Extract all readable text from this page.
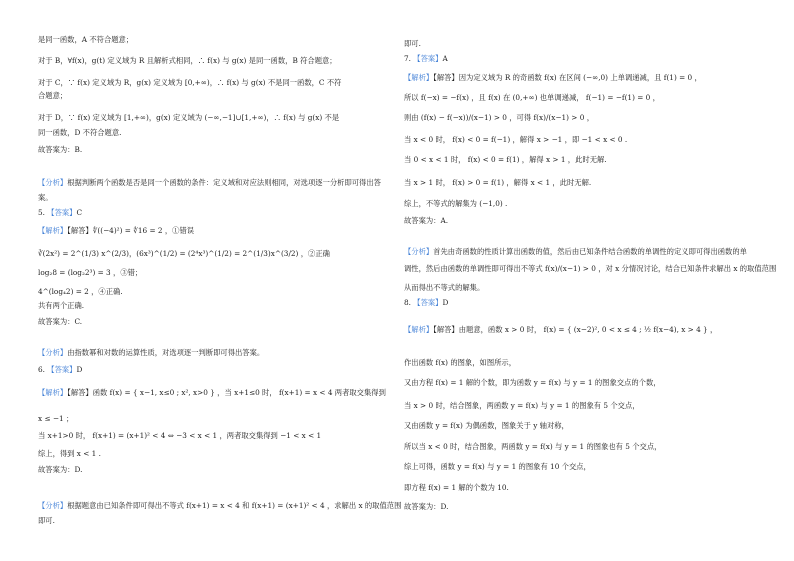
是同一函数，A 不符合题意；
对于 B，∀f(x)，g(t) 定义域为 R 且解析式相同，∴ f(x) 与 g(x) 是同一函数，B 符合题意；
对于 C，∵ f(x) 定义域为 R，g(x) 定义域为 [0,+∞)，∴ f(x) 与 g(x) 不是同一函数，C 不符
合题意；
对于 D，∵ f(x) 定义域为 [1,+∞)，g(x) 定义域为 (−∞,−1]∪[1,+∞)，∴ f(x) 与 g(x) 不是
同一函数，D 不符合题意.
故答案为：B.
【分析】根据判断两个函数是否是同一个函数的条件：定义域和对应法则相同，对选项逐一分析即可得出答
案。
5. 【答案】C
【解析】【解答】∜((−4)²) = ∜16 = 2 ，①错误
∛(2x²) = 2^(1/3) x^(2/3)，(6x³)^(1/2) = (2⁴x³)^(1/2) = 2^(1/3)x^(3/2) ，②正确
log₂8 = (log₂2³) = 3 ，③错；
4^(log₄2) = 2 ，④正确.
共有两个正确.
故答案为：C.
【分析】由指数幂和对数的运算性质，对选项逐一判断即可得出答案。
6. 【答案】D
【解析】【解答】函数 f(x) = { x−1, x≤0 ; x², x>0 } ，当 x+1≤0 时， f(x+1) = x < 4 两者取交集得到
x ≤ −1 ；
当 x+1>0 时， f(x+1) = (x+1)² < 4 ⇔ −3 < x < 1 ，两者取交集得到 −1 < x < 1
综上，得到 x < 1 .
故答案为：D.
【分析】根据题意由已知条件即可得出不等式 f(x+1) = x < 4 和 f(x+1) = (x+1)² < 4 ，求解出 x 的取值范围
即可.
即可.
7. 【答案】A
【解析】【解答】因为定义域为 R 的奇函数 f(x) 在区间 (−∞,0) 上单调递减，且 f(1) = 0 ，
所以 f(−x) = −f(x) ，且 f(x) 在 (0,+∞) 也单调递减， f(−1) = −f(1) = 0 ，
则由 (f(x) − f(−x))/(x−1) > 0 ，可得 f(x)/(x−1) > 0 ，
当 x < 0 时， f(x) < 0 = f(−1) ，解得 x > −1 ，即 −1 < x < 0 .
当 0 < x < 1 时， f(x) < 0 = f(1) ，解得 x > 1 ，此时无解.
当 x > 1 时， f(x) > 0 = f(1) ，解得 x < 1 ，此时无解.
综上，不等式的解集为 (−1,0) .
故答案为：A.
【分析】首先由奇函数的性质计算出函数的值，然后由已知条件结合函数的单调性的定义即可得出函数的单
调性，然后由函数的单调性即可得出不等式 f(x)/(x−1) > 0 ，对 x 分情况讨论，结合已知条件求解出 x 的取值范围
从而得出不等式的解集。
8. 【答案】D
【解析】【解答】由题意，函数 x > 0 时， f(x) = { (x−2)², 0 < x ≤ 4 ; ½ f(x−4), x > 4 } ，
作出函数 f(x) 的图象，如图所示，
又由方程 f(x) = 1 解的个数，即为函数 y = f(x) 与 y = 1 的图象交点的个数，
当 x > 0 时，结合图象，两函数 y = f(x) 与 y = 1 的图象有 5 个交点，
又由函数 y = f(x) 为偶函数，图象关于 y 轴对称，
所以当 x < 0 时，结合图象，两函数 y = f(x) 与 y = 1 的图象也有 5 个交点，
综上可得，函数 y = f(x) 与 y = 1 的图象有 10 个交点，
即方程 f(x) = 1 解的个数为 10.
故答案为：D.
